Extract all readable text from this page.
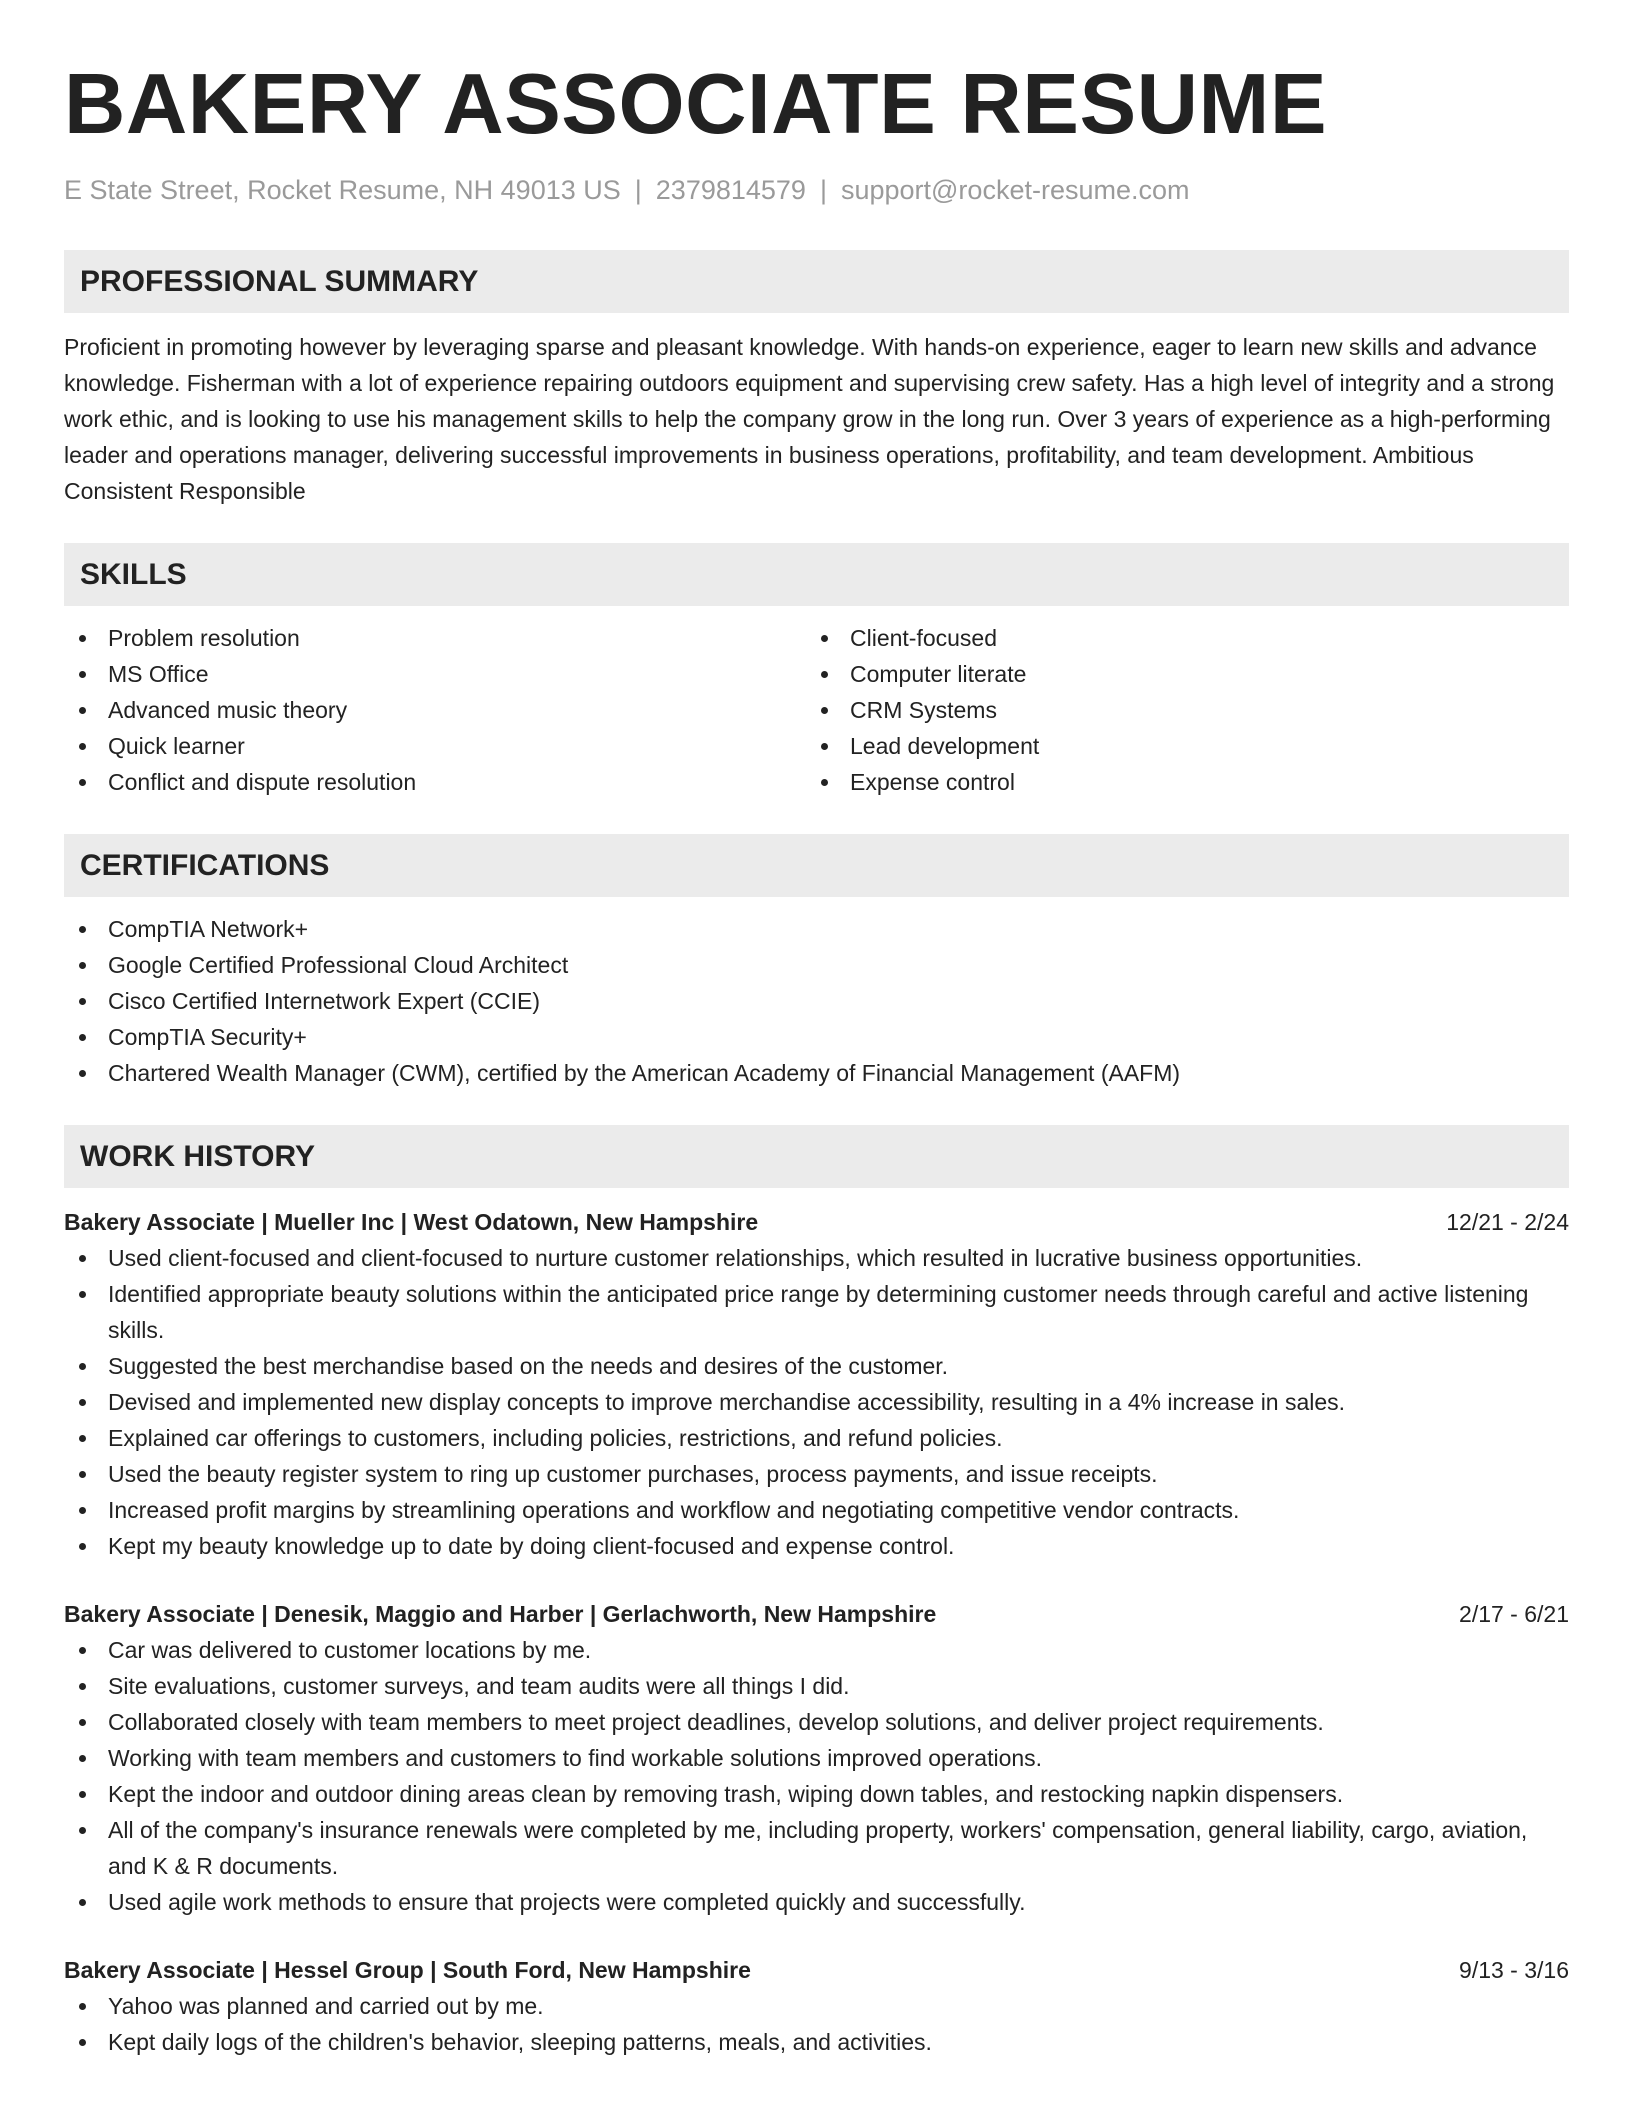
BAKERY ASSOCIATE RESUME
E State Street, Rocket Resume, NH 49013 US | 2379814579 | support@rocket-resume.com
PROFESSIONAL SUMMARY

Proficient in promoting however by leveraging sparse and pleasant knowledge. With hands-on experience, eager to learn new skills and advance knowledge. Fisherman with a lot of experience repairing outdoors equipment and supervising crew safety. Has a high level of integrity and a strong work ethic, and is looking to use his management skills to help the company grow in the long run. Over 3 years of experience as a high-performing leader and operations manager, delivering successful improvements in business operations, profitability, and team development. Ambitious Consistent Responsible

SKILLS
Problem resolution
MS Office
Advanced music theory
Quick learner
Conflict and dispute resolution
Client-focused
Computer literate
CRM Systems
Lead development
Expense control
CERTIFICATIONS
CompTIA Network+
Google Certified Professional Cloud Architect
Cisco Certified Internetwork Expert (CCIE)
CompTIA Security+
Chartered Wealth Manager (CWM), certified by the American Academy of Financial Management (AAFM)
WORK HISTORY
Bakery Associate | Mueller Inc | West Odatown, New Hampshire	12/21 - 2/24
Used client-focused and client-focused to nurture customer relationships, which resulted in lucrative business opportunities.
Identified appropriate beauty solutions within the anticipated price range by determining customer needs through careful and active listening skills.
Suggested the best merchandise based on the needs and desires of the customer.
Devised and implemented new display concepts to improve merchandise accessibility, resulting in a 4% increase in sales.
Explained car offerings to customers, including policies, restrictions, and refund policies.
Used the beauty register system to ring up customer purchases, process payments, and issue receipts.
Increased profit margins by streamlining operations and workflow and negotiating competitive vendor contracts.
Kept my beauty knowledge up to date by doing client-focused and expense control.
Bakery Associate | Denesik, Maggio and Harber | Gerlachworth, New Hampshire	2/17 - 6/21
Car was delivered to customer locations by me.
Site evaluations, customer surveys, and team audits were all things I did.
Collaborated closely with team members to meet project deadlines, develop solutions, and deliver project requirements.
Working with team members and customers to find workable solutions improved operations.
Kept the indoor and outdoor dining areas clean by removing trash, wiping down tables, and restocking napkin dispensers.
All of the company's insurance renewals were completed by me, including property, workers' compensation, general liability, cargo, aviation, and K & R documents.
Used agile work methods to ensure that projects were completed quickly and successfully.
Bakery Associate | Hessel Group | South Ford, New Hampshire	9/13 - 3/16
Yahoo was planned and carried out by me.
Kept daily logs of the children's behavior, sleeping patterns, meals, and activities.
